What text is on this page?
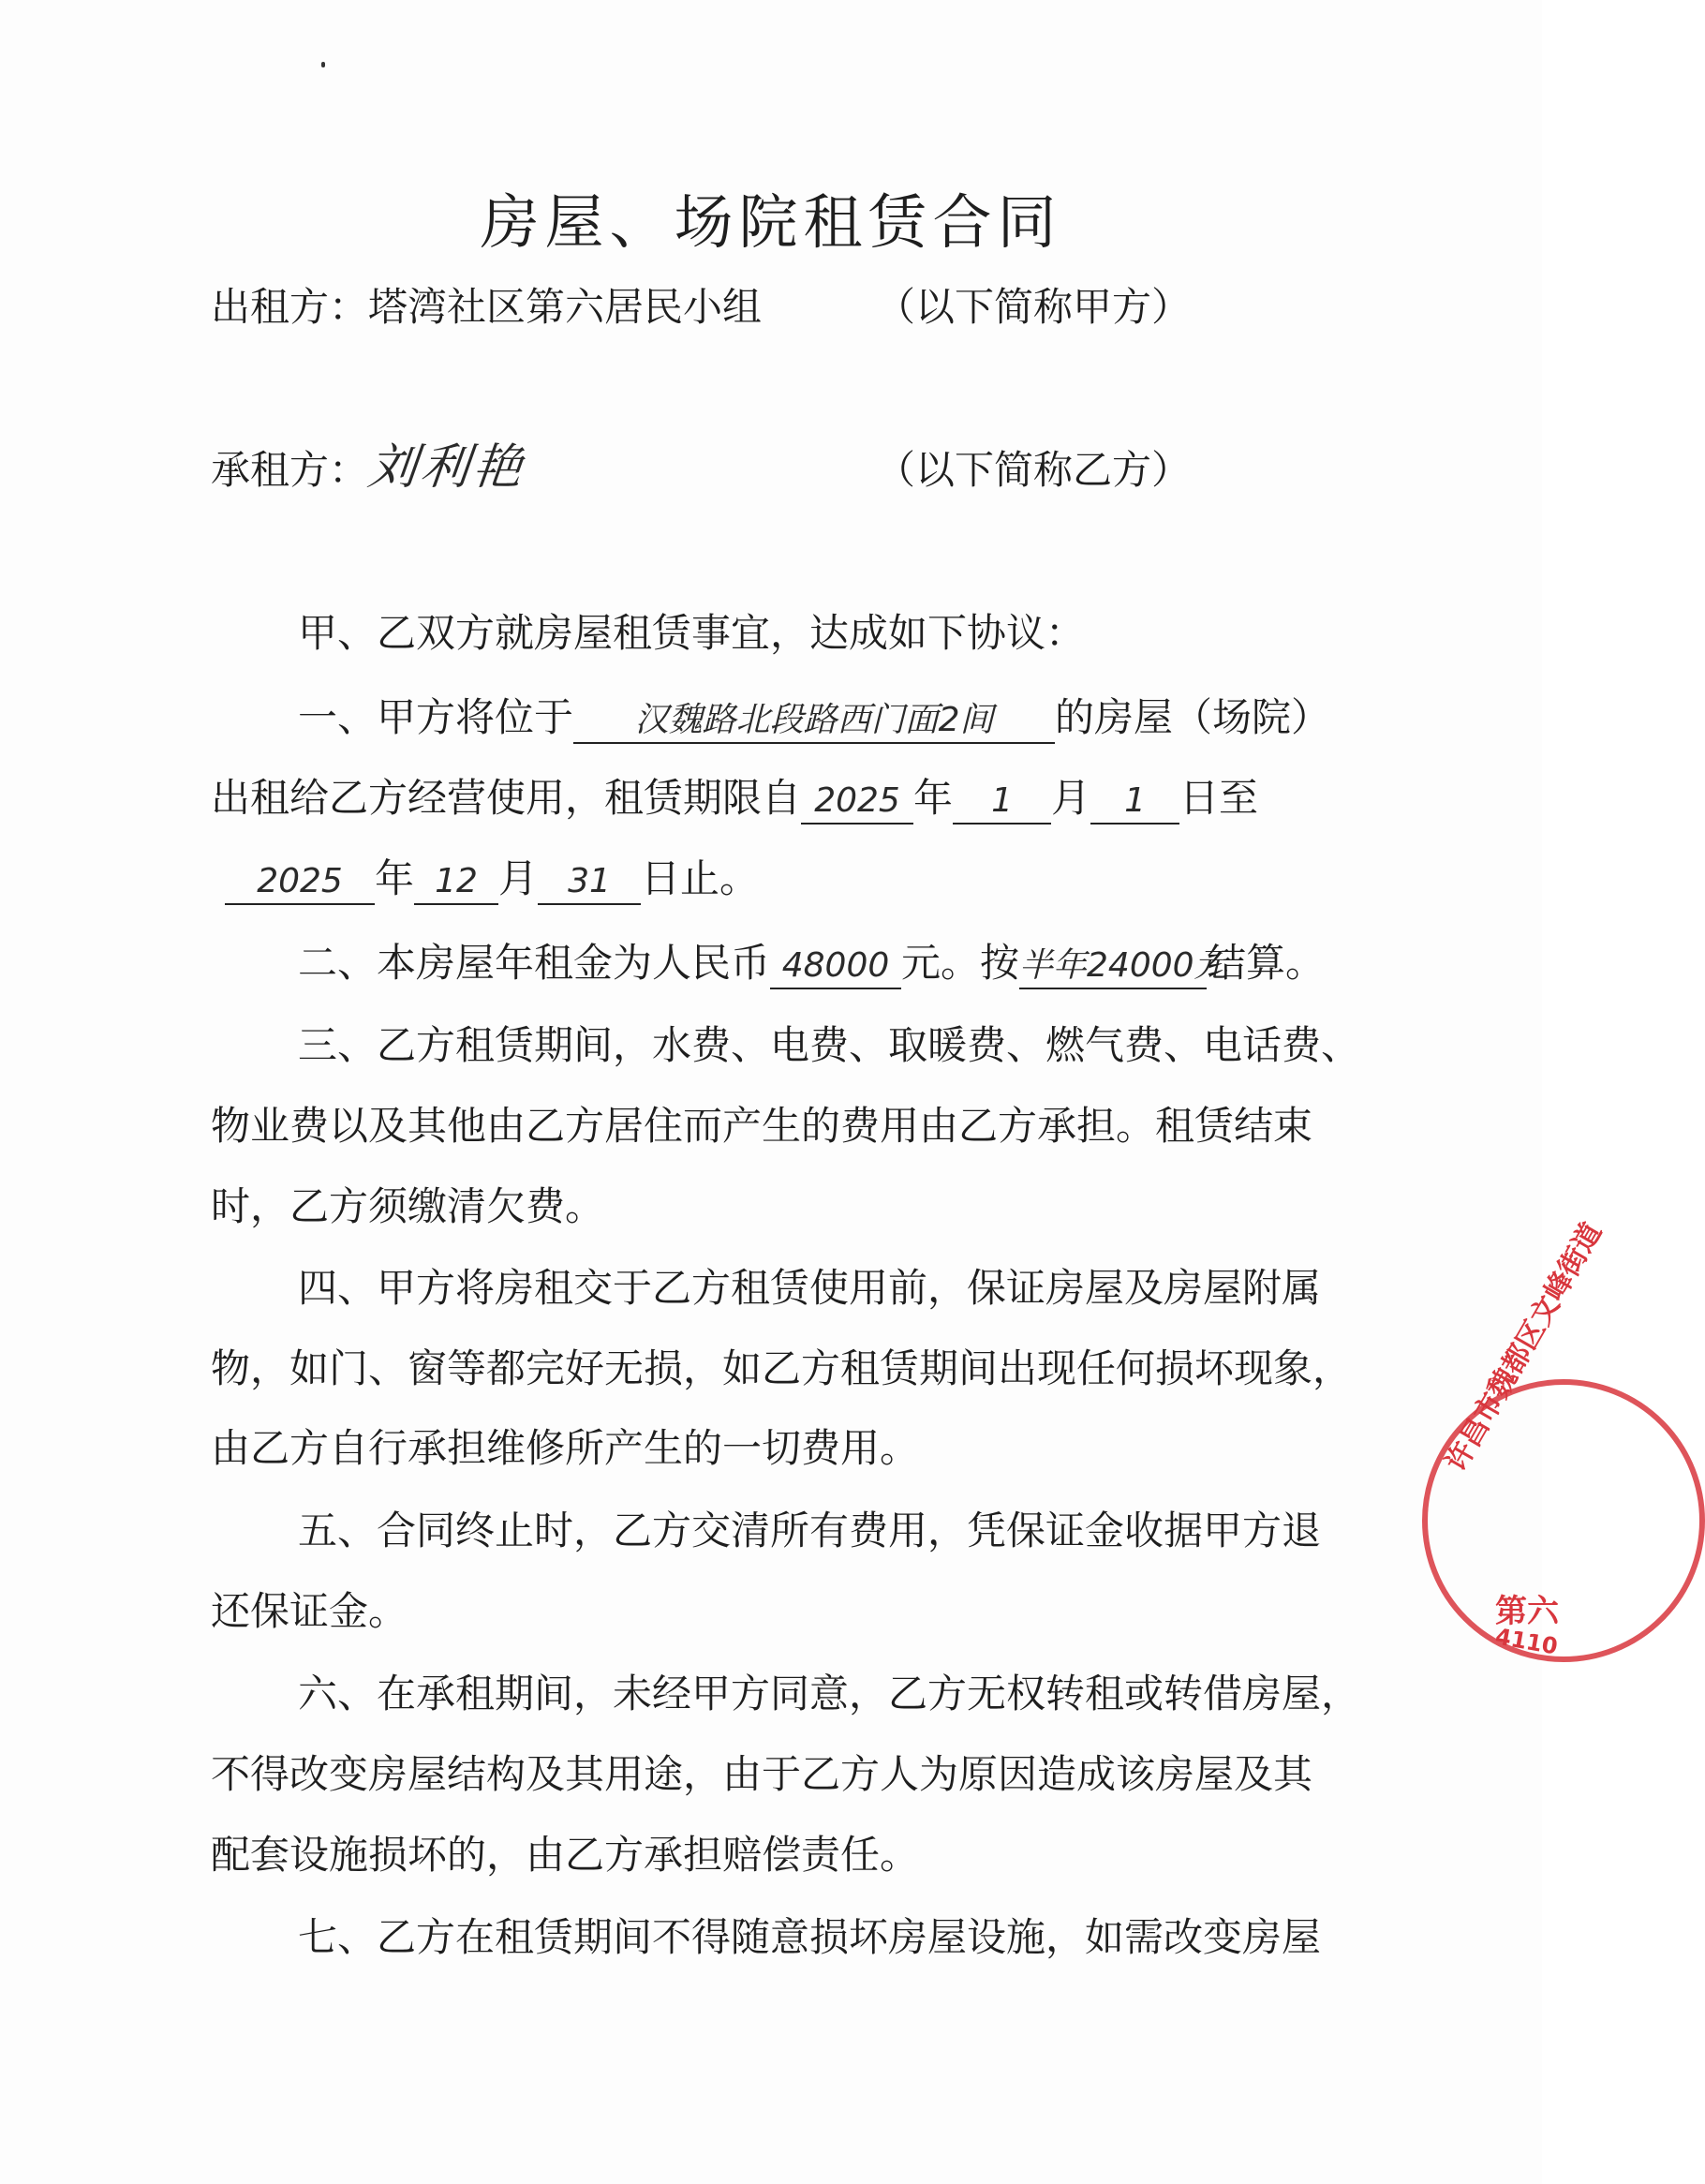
房屋、场院租赁合同
出租方：塔湾社区第六居民小组	（以下简称甲方）
承租方：刘利艳	（以下简称乙方）
甲、乙双方就房屋租赁事宜，达成如下协议：
一、甲方将位于 汉魏路北段路西门面2间 的房屋（场院）
出租给乙方经营使用，租赁期限自 2025 年 1 月 1 日至
2025 年 12 月 31 日止。
二、本房屋年租金为人民币 48000 元。按半年24000元结算。
三、乙方租赁期间，水费、电费、取暖费、燃气费、电话费、
物业费以及其他由乙方居住而产生的费用由乙方承担。租赁结束
时，乙方须缴清欠费。
四、甲方将房租交于乙方租赁使用前，保证房屋及房屋附属
物，如门、窗等都完好无损，如乙方租赁期间出现任何损坏现象，
由乙方自行承担维修所产生的一切费用。
五、合同终止时，乙方交清所有费用，凭保证金收据甲方退
还保证金。
六、在承租期间，未经甲方同意，乙方无权转租或转借房屋，
不得改变房屋结构及其用途，由于乙方人为原因造成该房屋及其
配套设施损坏的，由乙方承担赔偿责任。
七、乙方在租赁期间不得随意损坏房屋设施，如需改变房屋
许昌市魏都区文峰街道
第六
4110
